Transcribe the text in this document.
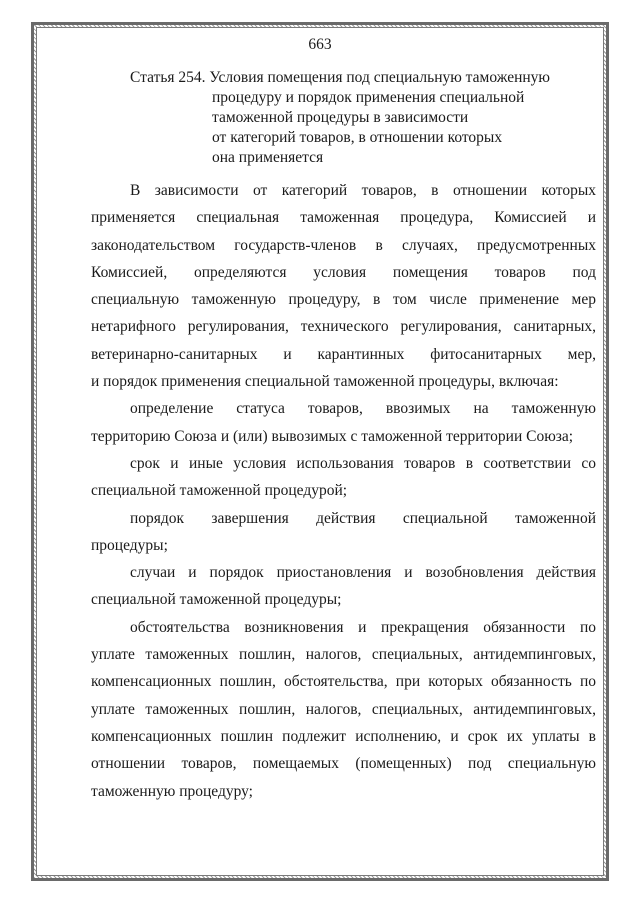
663
Статья 254. Условия помещения под специальную таможенную
процедуру и порядок применения специальной
таможенной процедуры в зависимости
от категорий товаров, в отношении которых
она применяется
В зависимости от категорий товаров, в отношении которых
применяется специальная таможенная процедура, Комиссией и
законодательством государств-членов в случаях, предусмотренных
Комиссией, определяются условия помещения товаров под
специальную таможенную процедуру, в том числе применение мер
нетарифного регулирования, технического регулирования, санитарных,
ветеринарно-санитарных и карантинных фитосанитарных мер,
и порядок применения специальной таможенной процедуры, включая:
определение статуса товаров, ввозимых на таможенную
территорию Союза и (или) вывозимых с таможенной территории Союза;
срок и иные условия использования товаров в соответствии со
специальной таможенной процедурой;
порядок завершения действия специальной таможенной
процедуры;
случаи и порядок приостановления и возобновления действия
специальной таможенной процедуры;
обстоятельства возникновения и прекращения обязанности по
уплате таможенных пошлин, налогов, специальных, антидемпинговых,
компенсационных пошлин, обстоятельства, при которых обязанность по
уплате таможенных пошлин, налогов, специальных, антидемпинговых,
компенсационных пошлин подлежит исполнению, и срок их уплаты в
отношении товаров, помещаемых (помещенных) под специальную
таможенную процедуру;
